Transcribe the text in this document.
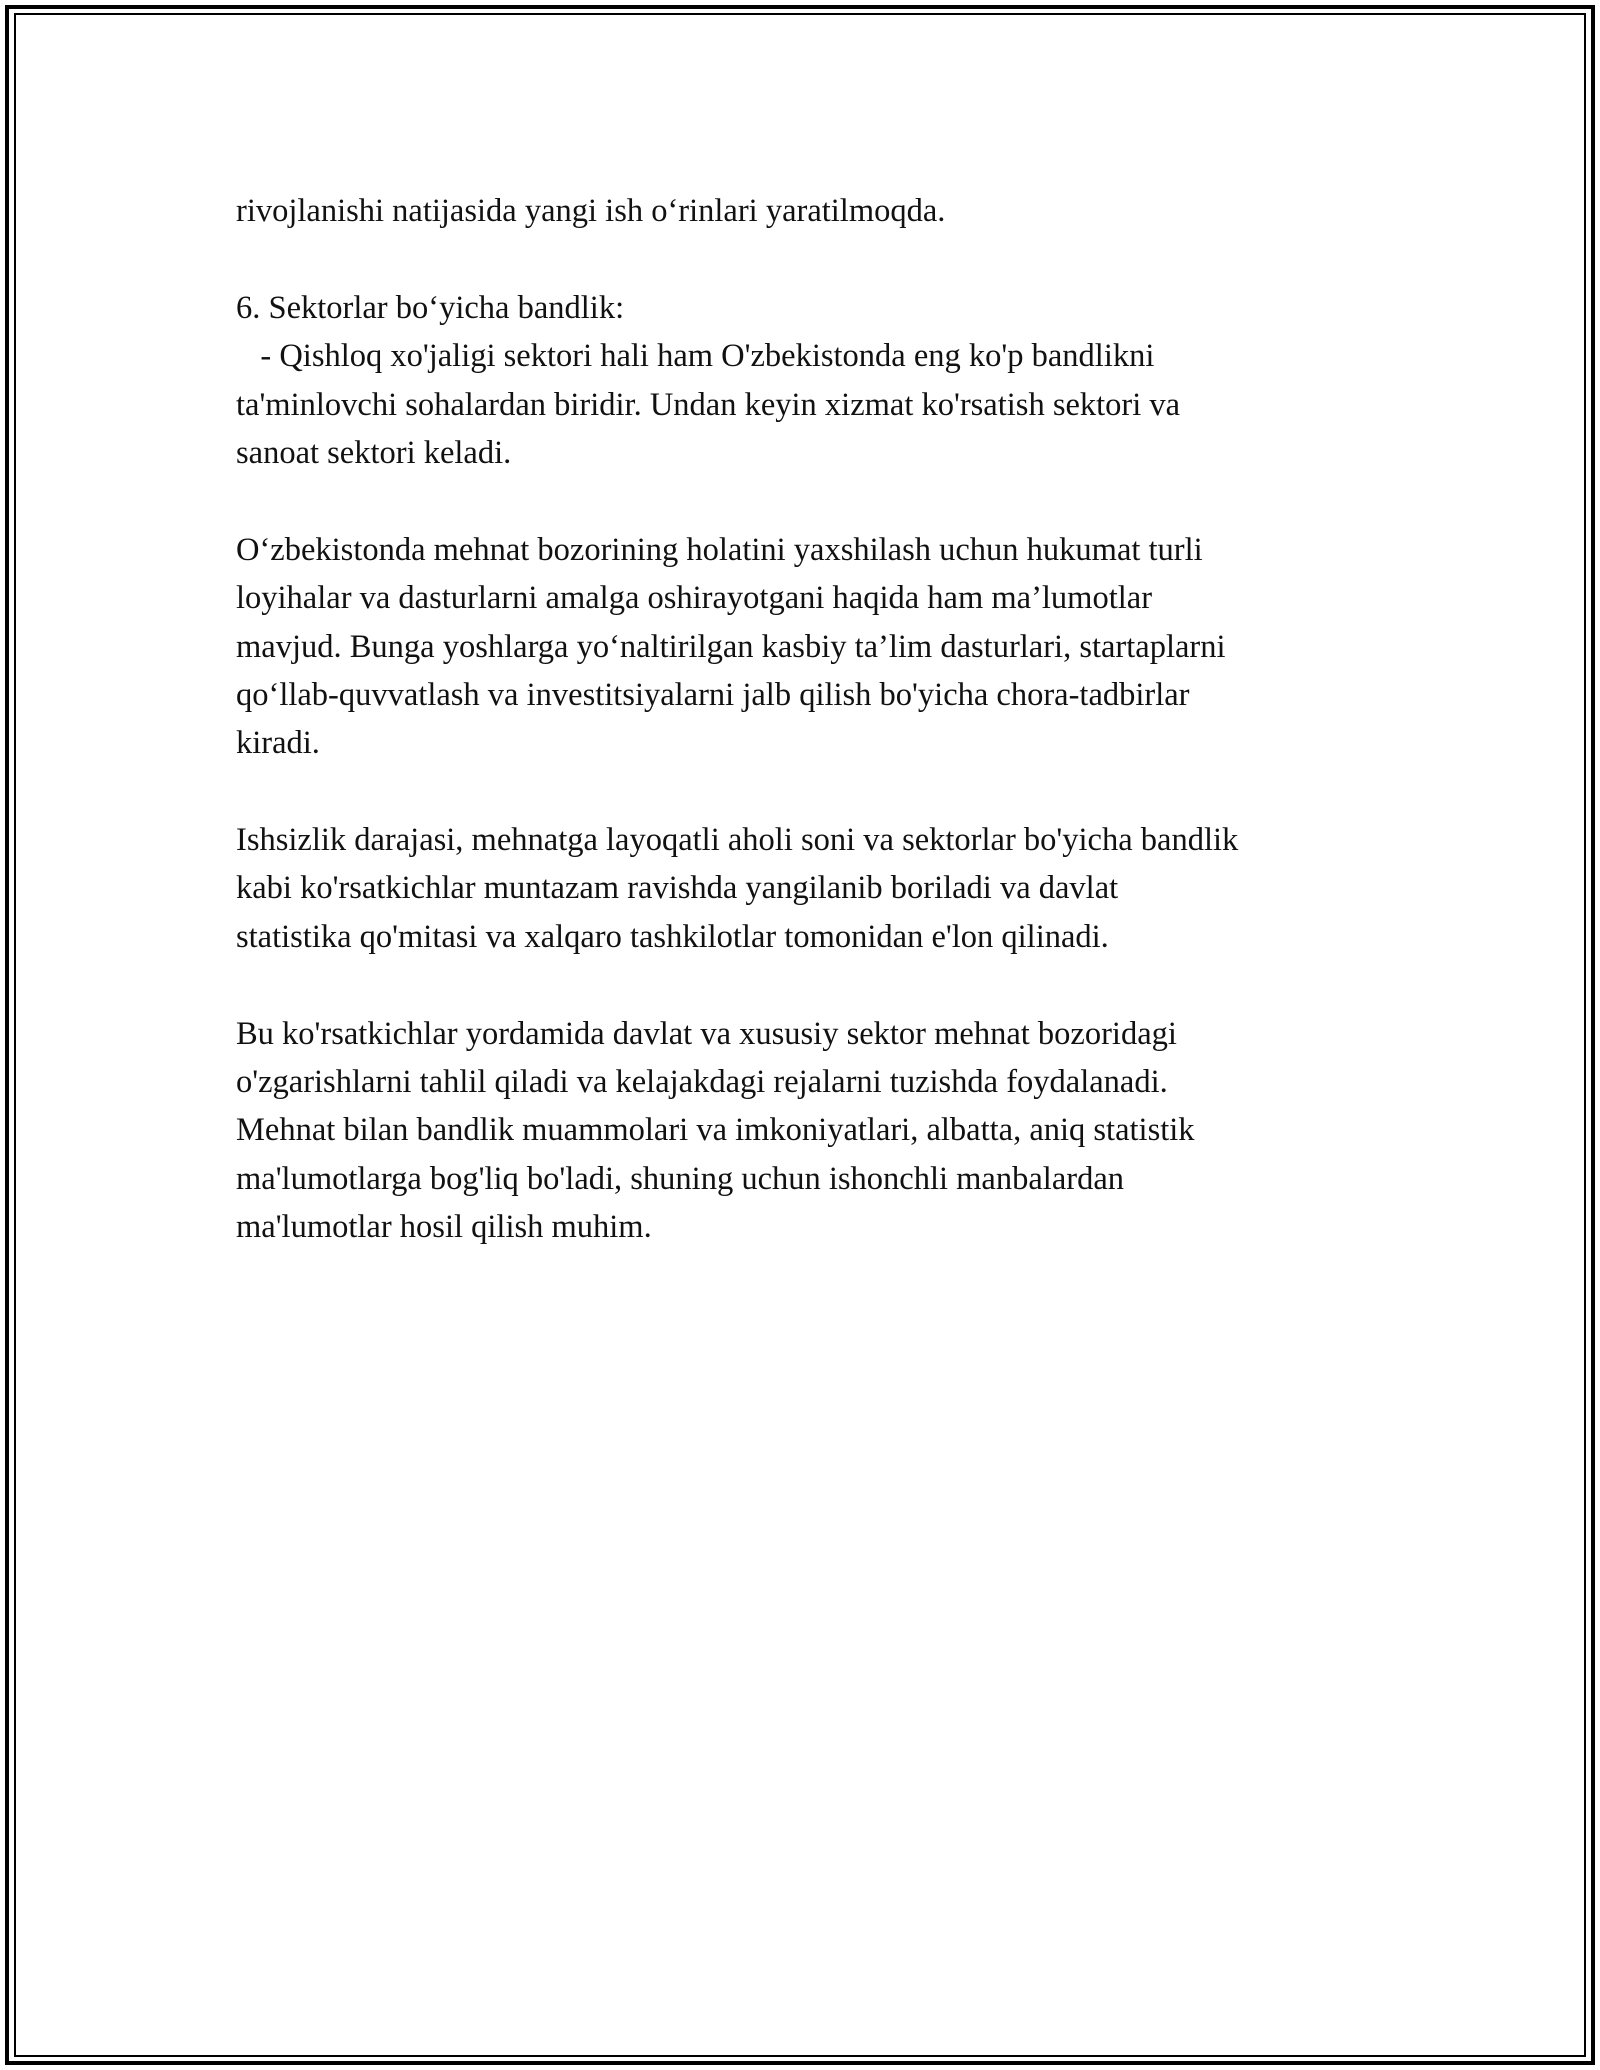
rivojlanishi natijasida yangi ish o‘rinlari yaratilmoqda.
6. Sektorlar bo‘yicha bandlik:
- Qishloq xo'jaligi sektori hali ham O'zbekistonda eng ko'p bandlikni
ta'minlovchi sohalardan biridir. Undan keyin xizmat ko'rsatish sektori va
sanoat sektori keladi.
O‘zbekistonda mehnat bozorining holatini yaxshilash uchun hukumat turli
loyihalar va dasturlarni amalga oshirayotgani haqida ham ma’lumotlar
mavjud. Bunga yoshlarga yo‘naltirilgan kasbiy ta’lim dasturlari, startaplarni
qo‘llab-quvvatlash va investitsiyalarni jalb qilish bo'yicha chora-tadbirlar
kiradi.
Ishsizlik darajasi, mehnatga layoqatli aholi soni va sektorlar bo'yicha bandlik
kabi ko'rsatkichlar muntazam ravishda yangilanib boriladi va davlat
statistika qo'mitasi va xalqaro tashkilotlar tomonidan e'lon qilinadi.
Bu ko'rsatkichlar yordamida davlat va xususiy sektor mehnat bozoridagi
o'zgarishlarni tahlil qiladi va kelajakdagi rejalarni tuzishda foydalanadi.
Mehnat bilan bandlik muammolari va imkoniyatlari, albatta, aniq statistik
ma'lumotlarga bog'liq bo'ladi, shuning uchun ishonchli manbalardan
ma'lumotlar hosil qilish muhim.
